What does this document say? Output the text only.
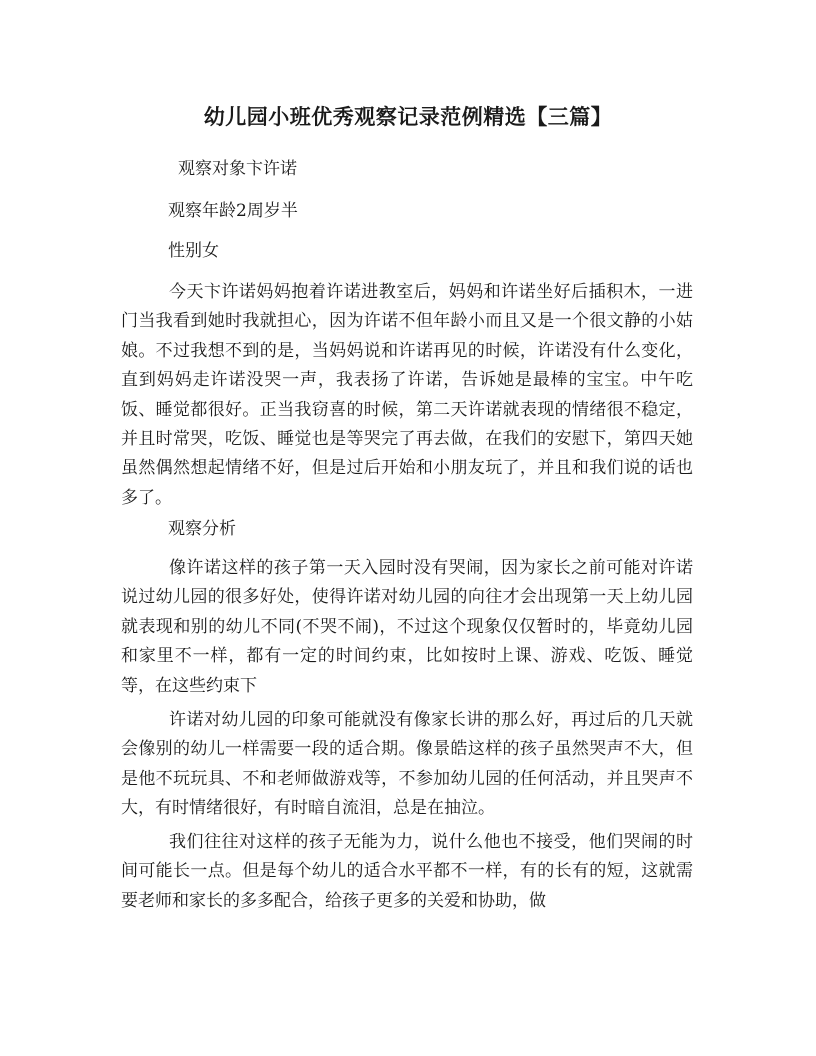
幼儿园小班优秀观察记录范例精选【三篇】

观察对象卞许诺

观察年龄2周岁半

性别女

今天卞许诺妈妈抱着许诺进教室后，妈妈和许诺坐好后插积木，一进门当我看到她时我就担心，因为许诺不但年龄小而且又是一个很文静的小姑娘。不过我想不到的是，当妈妈说和许诺再见的时候，许诺没有什么变化，直到妈妈走许诺没哭一声，我表扬了许诺，告诉她是最棒的宝宝。中午吃饭、睡觉都很好。正当我窃喜的时候，第二天许诺就表现的情绪很不稳定，并且时常哭，吃饭、睡觉也是等哭完了再去做，在我们的安慰下，第四天她虽然偶然想起情绪不好，但是过后开始和小朋友玩了，并且和我们说的话也多了。

观察分析

像许诺这样的孩子第一天入园时没有哭闹，因为家长之前可能对许诺说过幼儿园的很多好处，使得许诺对幼儿园的向往才会出现第一天上幼儿园就表现和别的幼儿不同(不哭不闹)，不过这个现象仅仅暂时的，毕竟幼儿园和家里不一样，都有一定的时间约束，比如按时上课、游戏、吃饭、睡觉等，在这些约束下

许诺对幼儿园的印象可能就没有像家长讲的那么好，再过后的几天就会像别的幼儿一样需要一段的适合期。像景皓这样的孩子虽然哭声不大，但是他不玩玩具、不和老师做游戏等，不参加幼儿园的任何活动，并且哭声不大，有时情绪很好，有时暗自流泪，总是在抽泣。

我们往往对这样的孩子无能为力，说什么他也不接受，他们哭闹的时间可能长一点。但是每个幼儿的适合水平都不一样，有的长有的短，这就需要老师和家长的多多配合，给孩子更多的关爱和协助，做
